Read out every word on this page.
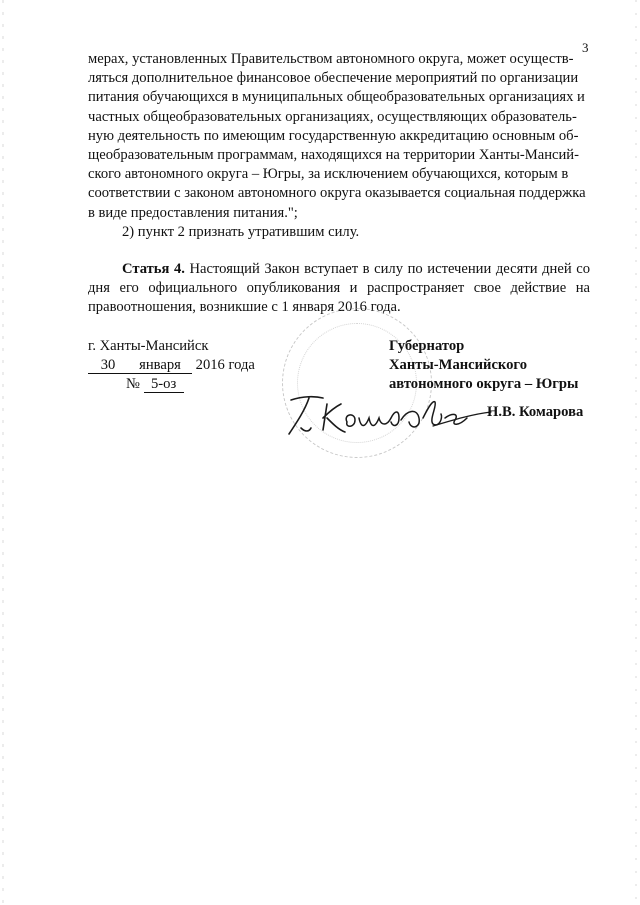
3

мерах, установленных Правительством автономного округа, может осуществ-

ляться дополнительное финансовое обеспечение мероприятий по организации

питания обучающихся в муниципальных общеобразовательных организациях и

частных общеобразовательных организациях, осуществляющих образователь-

ную деятельность по имеющим государственную аккредитацию основным об-

щеобразовательным программам, находящихся на территории Ханты-Мансий-

ского автономного округа – Югры, за исключением обучающихся, которым в

соответствии с законом автономного округа оказывается социальная поддержка

в виде предоставления питания.";

2) пункт 2 признать утратившим силу.

Статья 4. Настоящий Закон вступает в силу по истечении десяти дней со дня его официального опубликования и распространяет свое действие на правоотношения, возникшие с 1 января 2016 года.

г. Ханты-Мансийск
30 января 2016 года
№ 5-оз
Губернатор
Ханты-Мансийского
автономного округа – Югры
Н.В. Комарова
